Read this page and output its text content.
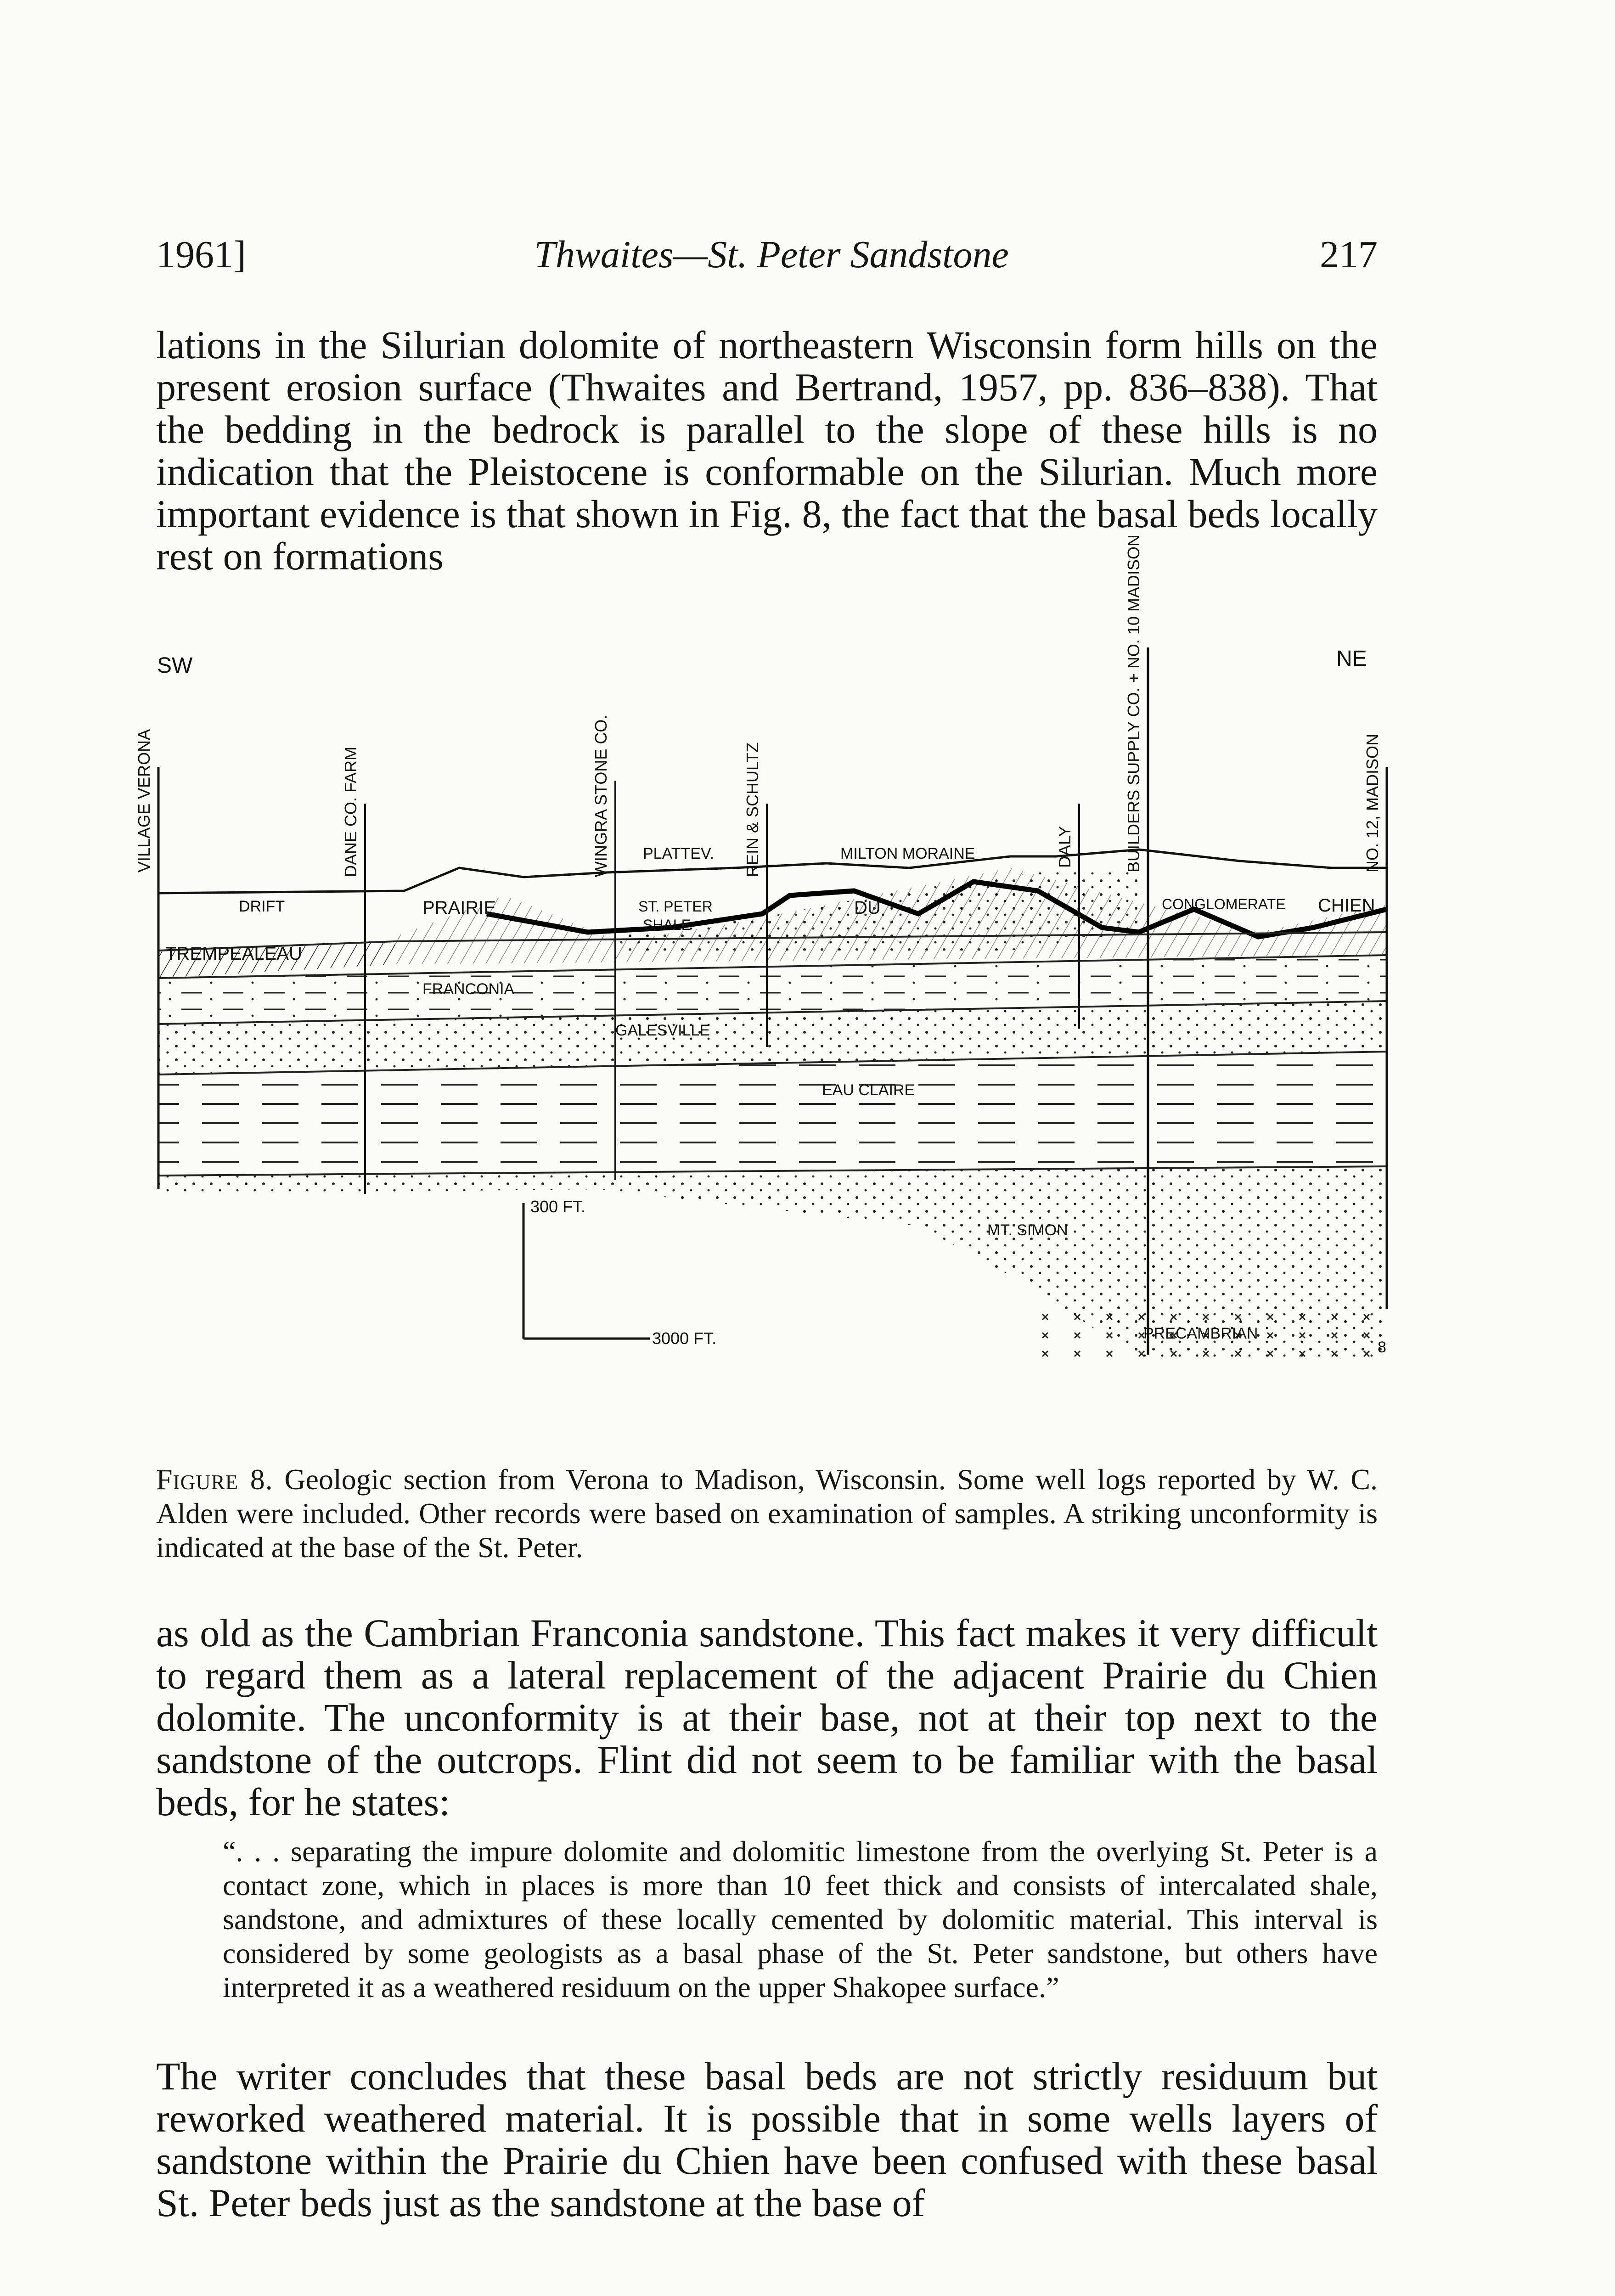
1961]	Thwaites—St. Peter Sandstone	217

lations in the Silurian dolomite of northeastern Wisconsin form hills on the present erosion surface (Thwaites and Bertrand, 1957, pp. 836–838). That the bedding in the bedrock is parallel to the slope of these hills is no indication that the Pleistocene is conformable on the Silurian. Much more important evidence is that shown in Fig. 8, the fact that the basal beds locally rest on formations

SW	NE
VILLAGE VERONA	DANE CO. FARM	WINGRA STONE CO.	REIN & SCHULTZ	DALY	BUILDERS SUPPLY CO. + NO. 10 MADISON	NO. 12, MADISON
PLATTEV.	MILTON MORAINE
DRIFT	PRAIRIE	DU	CONGLOMERATE CHIEN
ST. PETER
SHALE
TREMPEALEAU
FRANCONIA
GALESVILLE
EAU CLAIRE
MT. SIMON
PRECAMBRIAN
8
300 FT.
3000 FT.

Figure 8. Geologic section from Verona to Madison, Wisconsin. Some well logs reported by W. C. Alden were included. Other records were based on examination of samples. A striking unconformity is indicated at the base of the St. Peter.

as old as the Cambrian Franconia sandstone. This fact makes it very difficult to regard them as a lateral replacement of the adjacent Prairie du Chien dolomite. The unconformity is at their base, not at their top next to the sandstone of the outcrops. Flint did not seem to be familiar with the basal beds, for he states:

“. . . separating the impure dolomite and dolomitic limestone from the overlying St. Peter is a contact zone, which in places is more than 10 feet thick and consists of intercalated shale, sandstone, and admixtures of these locally cemented by dolomitic material. This interval is considered by some geologists as a basal phase of the St. Peter sandstone, but others have interpreted it as a weathered residuum on the upper Shakopee surface.”

The writer concludes that these basal beds are not strictly residuum but reworked weathered material. It is possible that in some wells layers of sandstone within the Prairie du Chien have been confused with these basal St. Peter beds just as the sandstone at the base of
